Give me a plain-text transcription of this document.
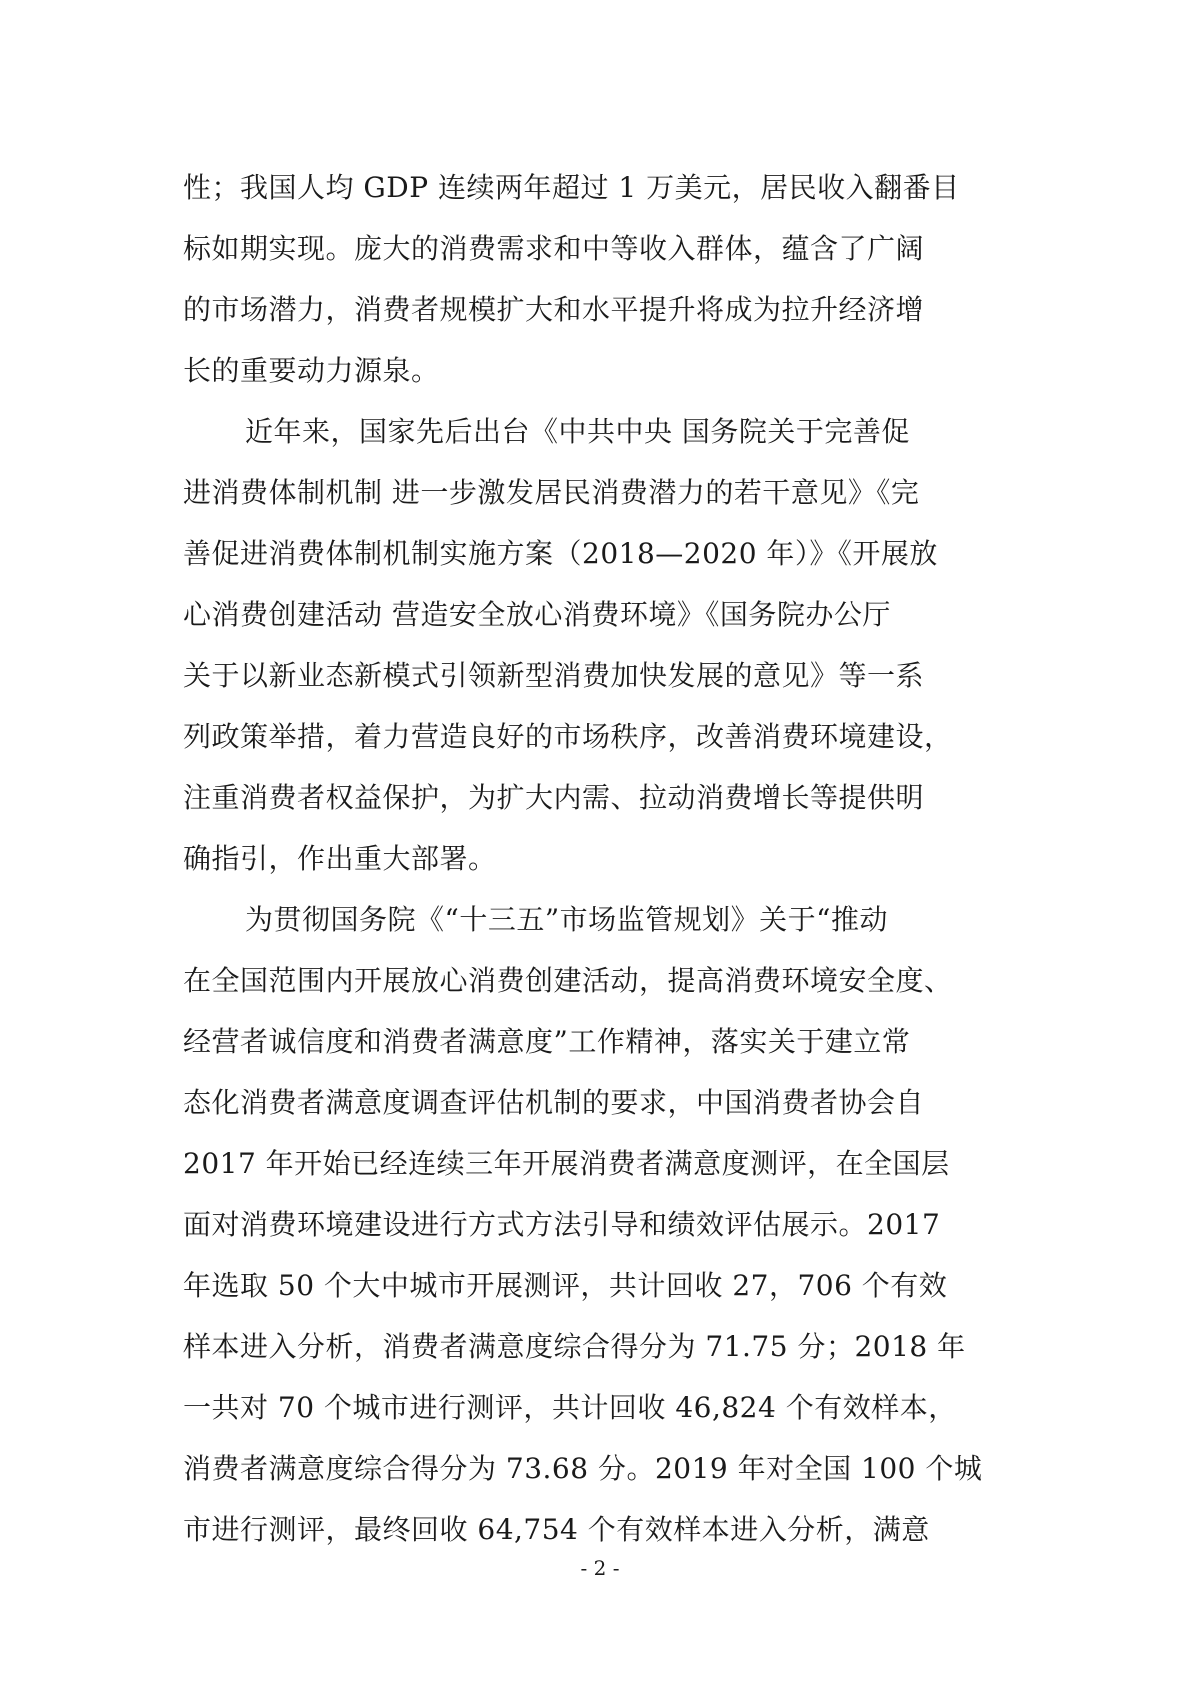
性；我国人均 GDP 连续两年超过 1 万美元，居民收入翻番目
标如期实现。庞大的消费需求和中等收入群体，蕴含了广阔
的市场潜力，消费者规模扩大和水平提升将成为拉升经济增
长的重要动力源泉。
近年来，国家先后出台《中共中央 国务院关于完善促
进消费体制机制 进一步激发居民消费潜力的若干意见》《完
善促进消费体制机制实施方案（2018—2020 年）》《开展放
心消费创建活动 营造安全放心消费环境》《国务院办公厅
关于以新业态新模式引领新型消费加快发展的意见》等一系
列政策举措，着力营造良好的市场秩序，改善消费环境建设，
注重消费者权益保护，为扩大内需、拉动消费增长等提供明
确指引，作出重大部署。
为贯彻国务院《“十三五”市场监管规划》关于“推动
在全国范围内开展放心消费创建活动，提高消费环境安全度、
经营者诚信度和消费者满意度”工作精神，落实关于建立常
态化消费者满意度调查评估机制的要求，中国消费者协会自
2017 年开始已经连续三年开展消费者满意度测评，在全国层
面对消费环境建设进行方式方法引导和绩效评估展示。2017
年选取 50 个大中城市开展测评，共计回收 27，706 个有效
样本进入分析，消费者满意度综合得分为 71.75 分；2018 年
一共对 70 个城市进行测评，共计回收 46,824 个有效样本，
消费者满意度综合得分为 73.68 分。2019 年对全国 100 个城
市进行测评，最终回收 64,754 个有效样本进入分析，满意
- 2 -
